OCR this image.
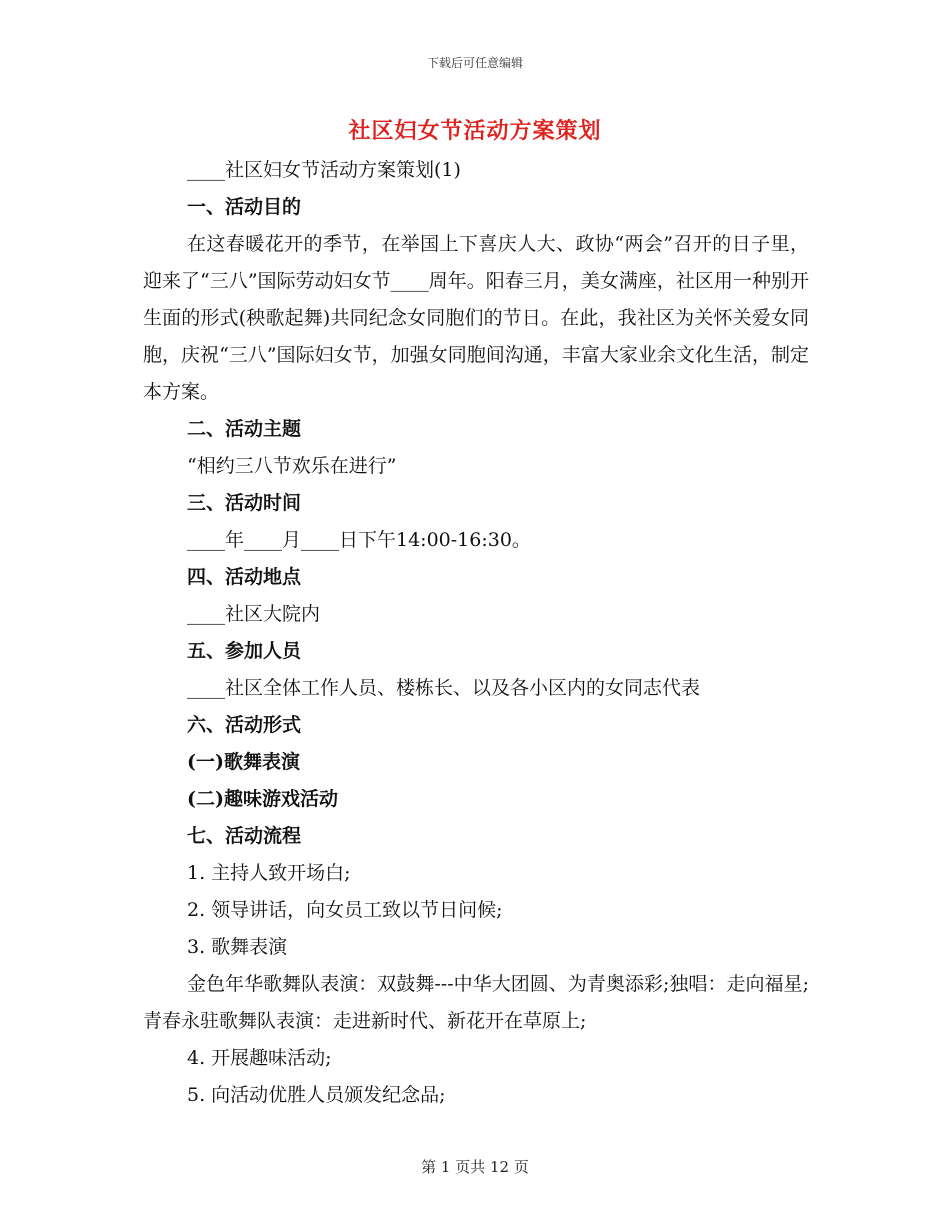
下载后可任意编辑
社区妇女节活动方案策划
____社区妇女节活动方案策划(1)
一、活动目的
在这春暖花开的季节，在举国上下喜庆人大、政协“两会”召开的日子里，迎来了“三八”国际劳动妇女节____周年。阳春三月，美女满座，社区用一种别开生面的形式(秧歌起舞)共同纪念女同胞们的节日。在此，我社区为关怀关爱女同胞，庆祝“三八”国际妇女节，加强女同胞间沟通，丰富大家业余文化生活，制定本方案。
二、活动主题
“相约三八节欢乐在进行”
三、活动时间
____年____月____日下午14:00-16:30。
四、活动地点
____社区大院内
五、参加人员
____社区全体工作人员、楼栋长、以及各小区内的女同志代表
六、活动形式
(一)歌舞表演
(二)趣味游戏活动
七、活动流程
1. 主持人致开场白;
2. 领导讲话，向女员工致以节日问候;
3. 歌舞表演
金色年华歌舞队表演：双鼓舞---中华大团圆、为青奥添彩;独唱：走向福星;青春永驻歌舞队表演：走进新时代、新花开在草原上;
4. 开展趣味活动;
5. 向活动优胜人员颁发纪念品;
第 1 页共 12 页
